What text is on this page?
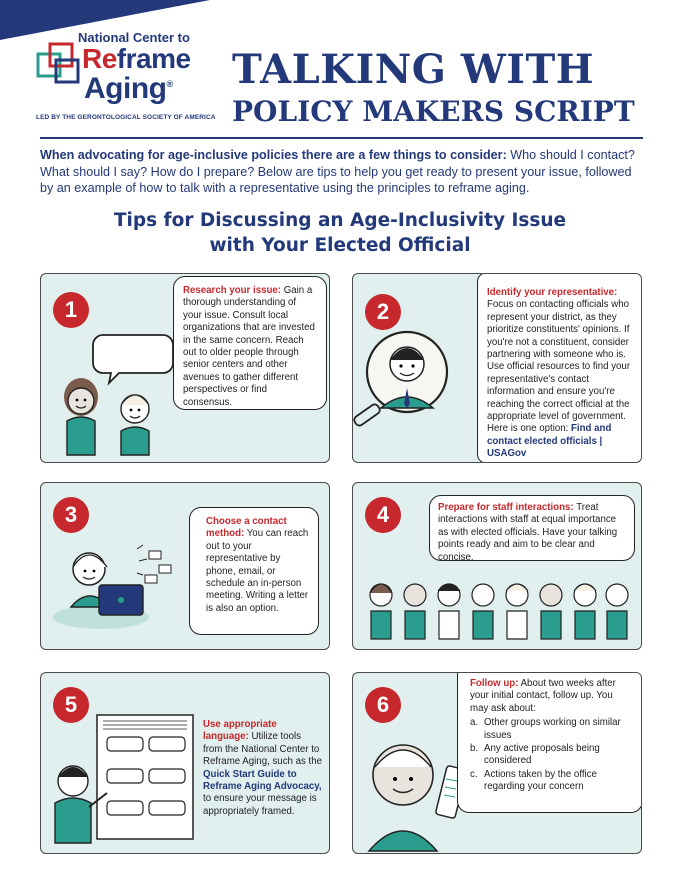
National Center to
Reframe
Aging®
LED BY THE GERONTOLOGICAL SOCIETY OF AMERICA
TALKING WITH
POLICY MAKERS SCRIPT
When advocating for age-inclusive policies there are a few things to consider: Who should I contact? What should I say? How do I prepare? Below are tips to help you get ready to present your issue, followed by an example of how to talk with a representative using the principles to reframe aging.
Tips for Discussing an Age-Inclusivity Issue
with Your Elected Official
1
Research your issue: Gain a thorough understanding of your issue. Consult local organizations that are invested in the same concern. Reach out to older people through senior centers and other avenues to gather different perspectives or find consensus.
2
Identify your representative: Focus on contacting officials who represent your district, as they prioritize constituents' opinions. If you're not a constituent, consider partnering with someone who is. Use official resources to find your representative's contact information and ensure you're reaching the correct official at the appropriate level of government. Here is one option: Find and contact elected officials | USAGov
3	Choose a contact method: You can reach out to your representative by phone, email, or schedule an in-person meeting. Writing a letter is also an option.
4	Prepare for staff interactions: Treat interactions with staff at equal importance as with elected officials. Have your talking points ready and aim to be clear and concise.
5
Use appropriate language: Utilize tools from the National Center to Reframe Aging, such as the Quick Start Guide to Reframe Aging Advocacy, to ensure your message is appropriately framed.
6
Follow up: About two weeks after your initial contact, follow up. You may ask about:
a. Other groups working on similar issues
b. Any active proposals being considered
c. Actions taken by the office regarding your concern
